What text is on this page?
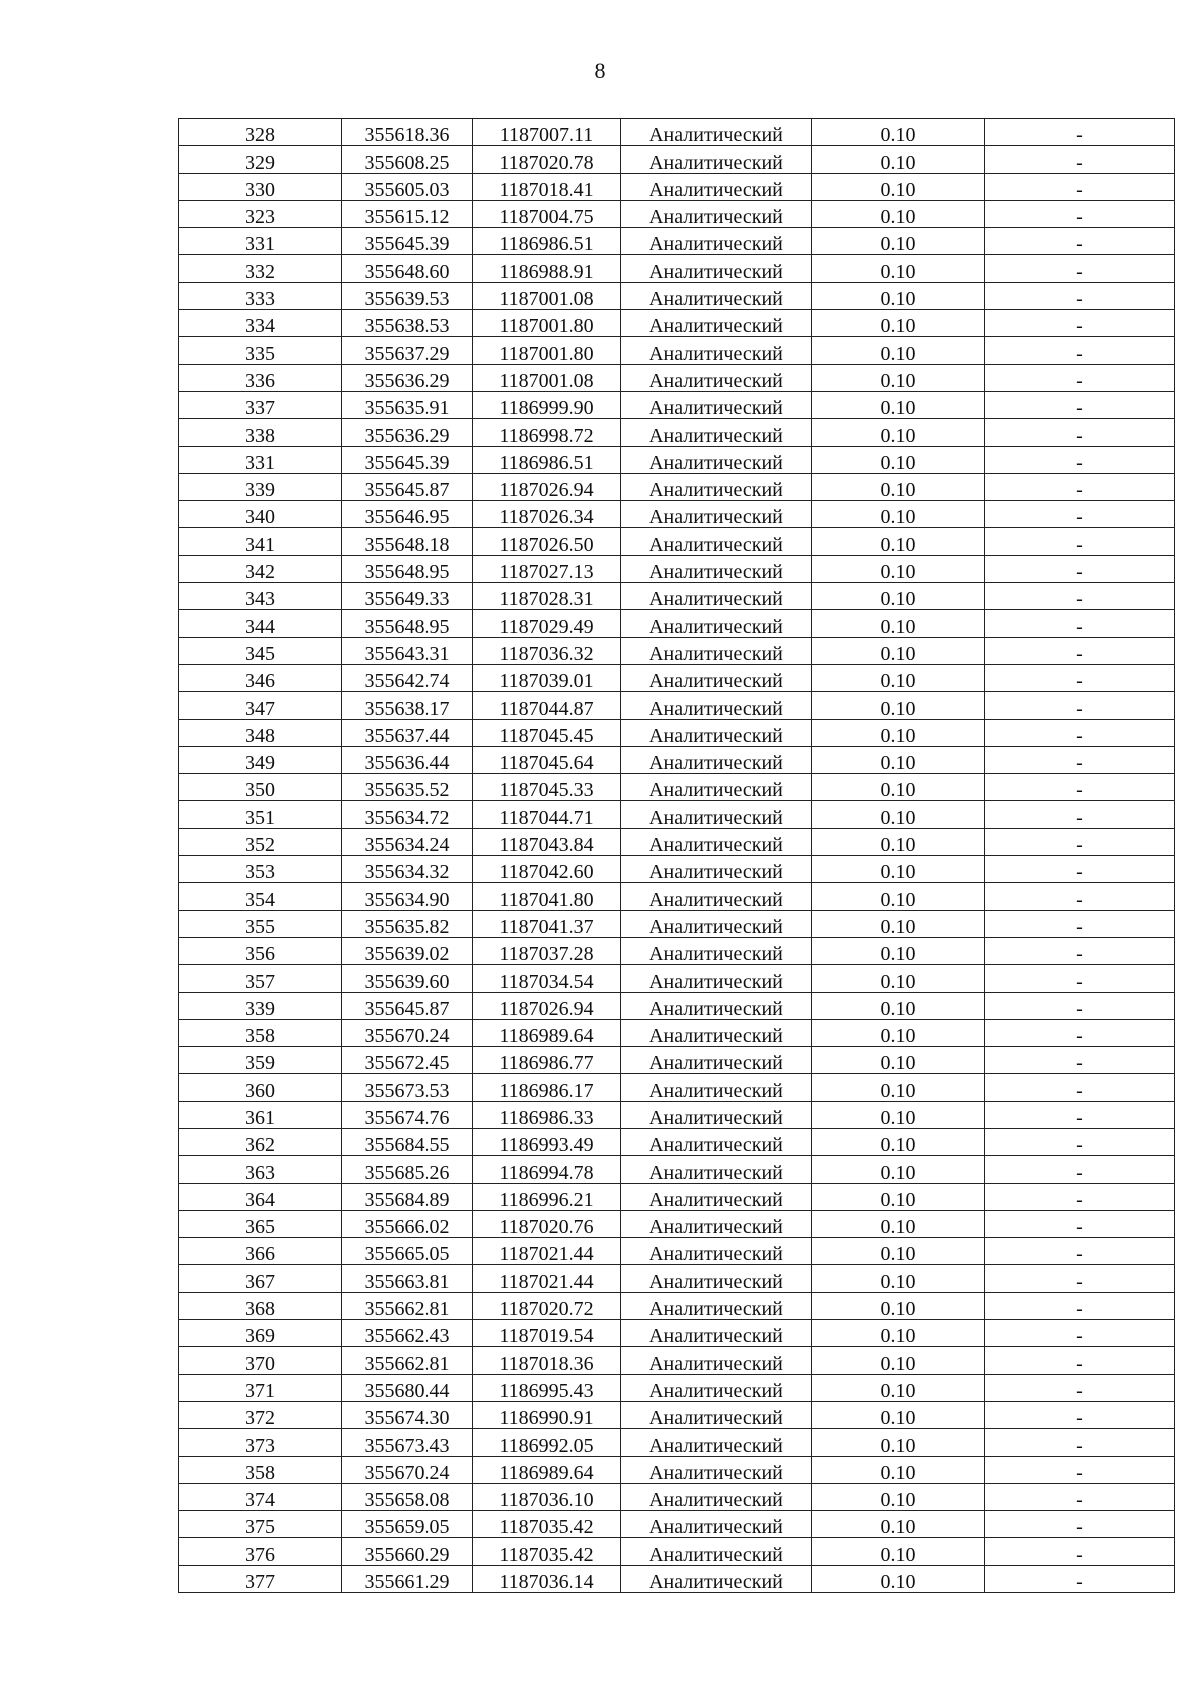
8
328	355618.36	1187007.11	Аналитический	0.10	-
329	355608.25	1187020.78	Аналитический	0.10	-
330	355605.03	1187018.41	Аналитический	0.10	-
323	355615.12	1187004.75	Аналитический	0.10	-
331	355645.39	1186986.51	Аналитический	0.10	-
332	355648.60	1186988.91	Аналитический	0.10	-
333	355639.53	1187001.08	Аналитический	0.10	-
334	355638.53	1187001.80	Аналитический	0.10	-
335	355637.29	1187001.80	Аналитический	0.10	-
336	355636.29	1187001.08	Аналитический	0.10	-
337	355635.91	1186999.90	Аналитический	0.10	-
338	355636.29	1186998.72	Аналитический	0.10	-
331	355645.39	1186986.51	Аналитический	0.10	-
339	355645.87	1187026.94	Аналитический	0.10	-
340	355646.95	1187026.34	Аналитический	0.10	-
341	355648.18	1187026.50	Аналитический	0.10	-
342	355648.95	1187027.13	Аналитический	0.10	-
343	355649.33	1187028.31	Аналитический	0.10	-
344	355648.95	1187029.49	Аналитический	0.10	-
345	355643.31	1187036.32	Аналитический	0.10	-
346	355642.74	1187039.01	Аналитический	0.10	-
347	355638.17	1187044.87	Аналитический	0.10	-
348	355637.44	1187045.45	Аналитический	0.10	-
349	355636.44	1187045.64	Аналитический	0.10	-
350	355635.52	1187045.33	Аналитический	0.10	-
351	355634.72	1187044.71	Аналитический	0.10	-
352	355634.24	1187043.84	Аналитический	0.10	-
353	355634.32	1187042.60	Аналитический	0.10	-
354	355634.90	1187041.80	Аналитический	0.10	-
355	355635.82	1187041.37	Аналитический	0.10	-
356	355639.02	1187037.28	Аналитический	0.10	-
357	355639.60	1187034.54	Аналитический	0.10	-
339	355645.87	1187026.94	Аналитический	0.10	-
358	355670.24	1186989.64	Аналитический	0.10	-
359	355672.45	1186986.77	Аналитический	0.10	-
360	355673.53	1186986.17	Аналитический	0.10	-
361	355674.76	1186986.33	Аналитический	0.10	-
362	355684.55	1186993.49	Аналитический	0.10	-
363	355685.26	1186994.78	Аналитический	0.10	-
364	355684.89	1186996.21	Аналитический	0.10	-
365	355666.02	1187020.76	Аналитический	0.10	-
366	355665.05	1187021.44	Аналитический	0.10	-
367	355663.81	1187021.44	Аналитический	0.10	-
368	355662.81	1187020.72	Аналитический	0.10	-
369	355662.43	1187019.54	Аналитический	0.10	-
370	355662.81	1187018.36	Аналитический	0.10	-
371	355680.44	1186995.43	Аналитический	0.10	-
372	355674.30	1186990.91	Аналитический	0.10	-
373	355673.43	1186992.05	Аналитический	0.10	-
358	355670.24	1186989.64	Аналитический	0.10	-
374	355658.08	1187036.10	Аналитический	0.10	-
375	355659.05	1187035.42	Аналитический	0.10	-
376	355660.29	1187035.42	Аналитический	0.10	-
377	355661.29	1187036.14	Аналитический	0.10	-
